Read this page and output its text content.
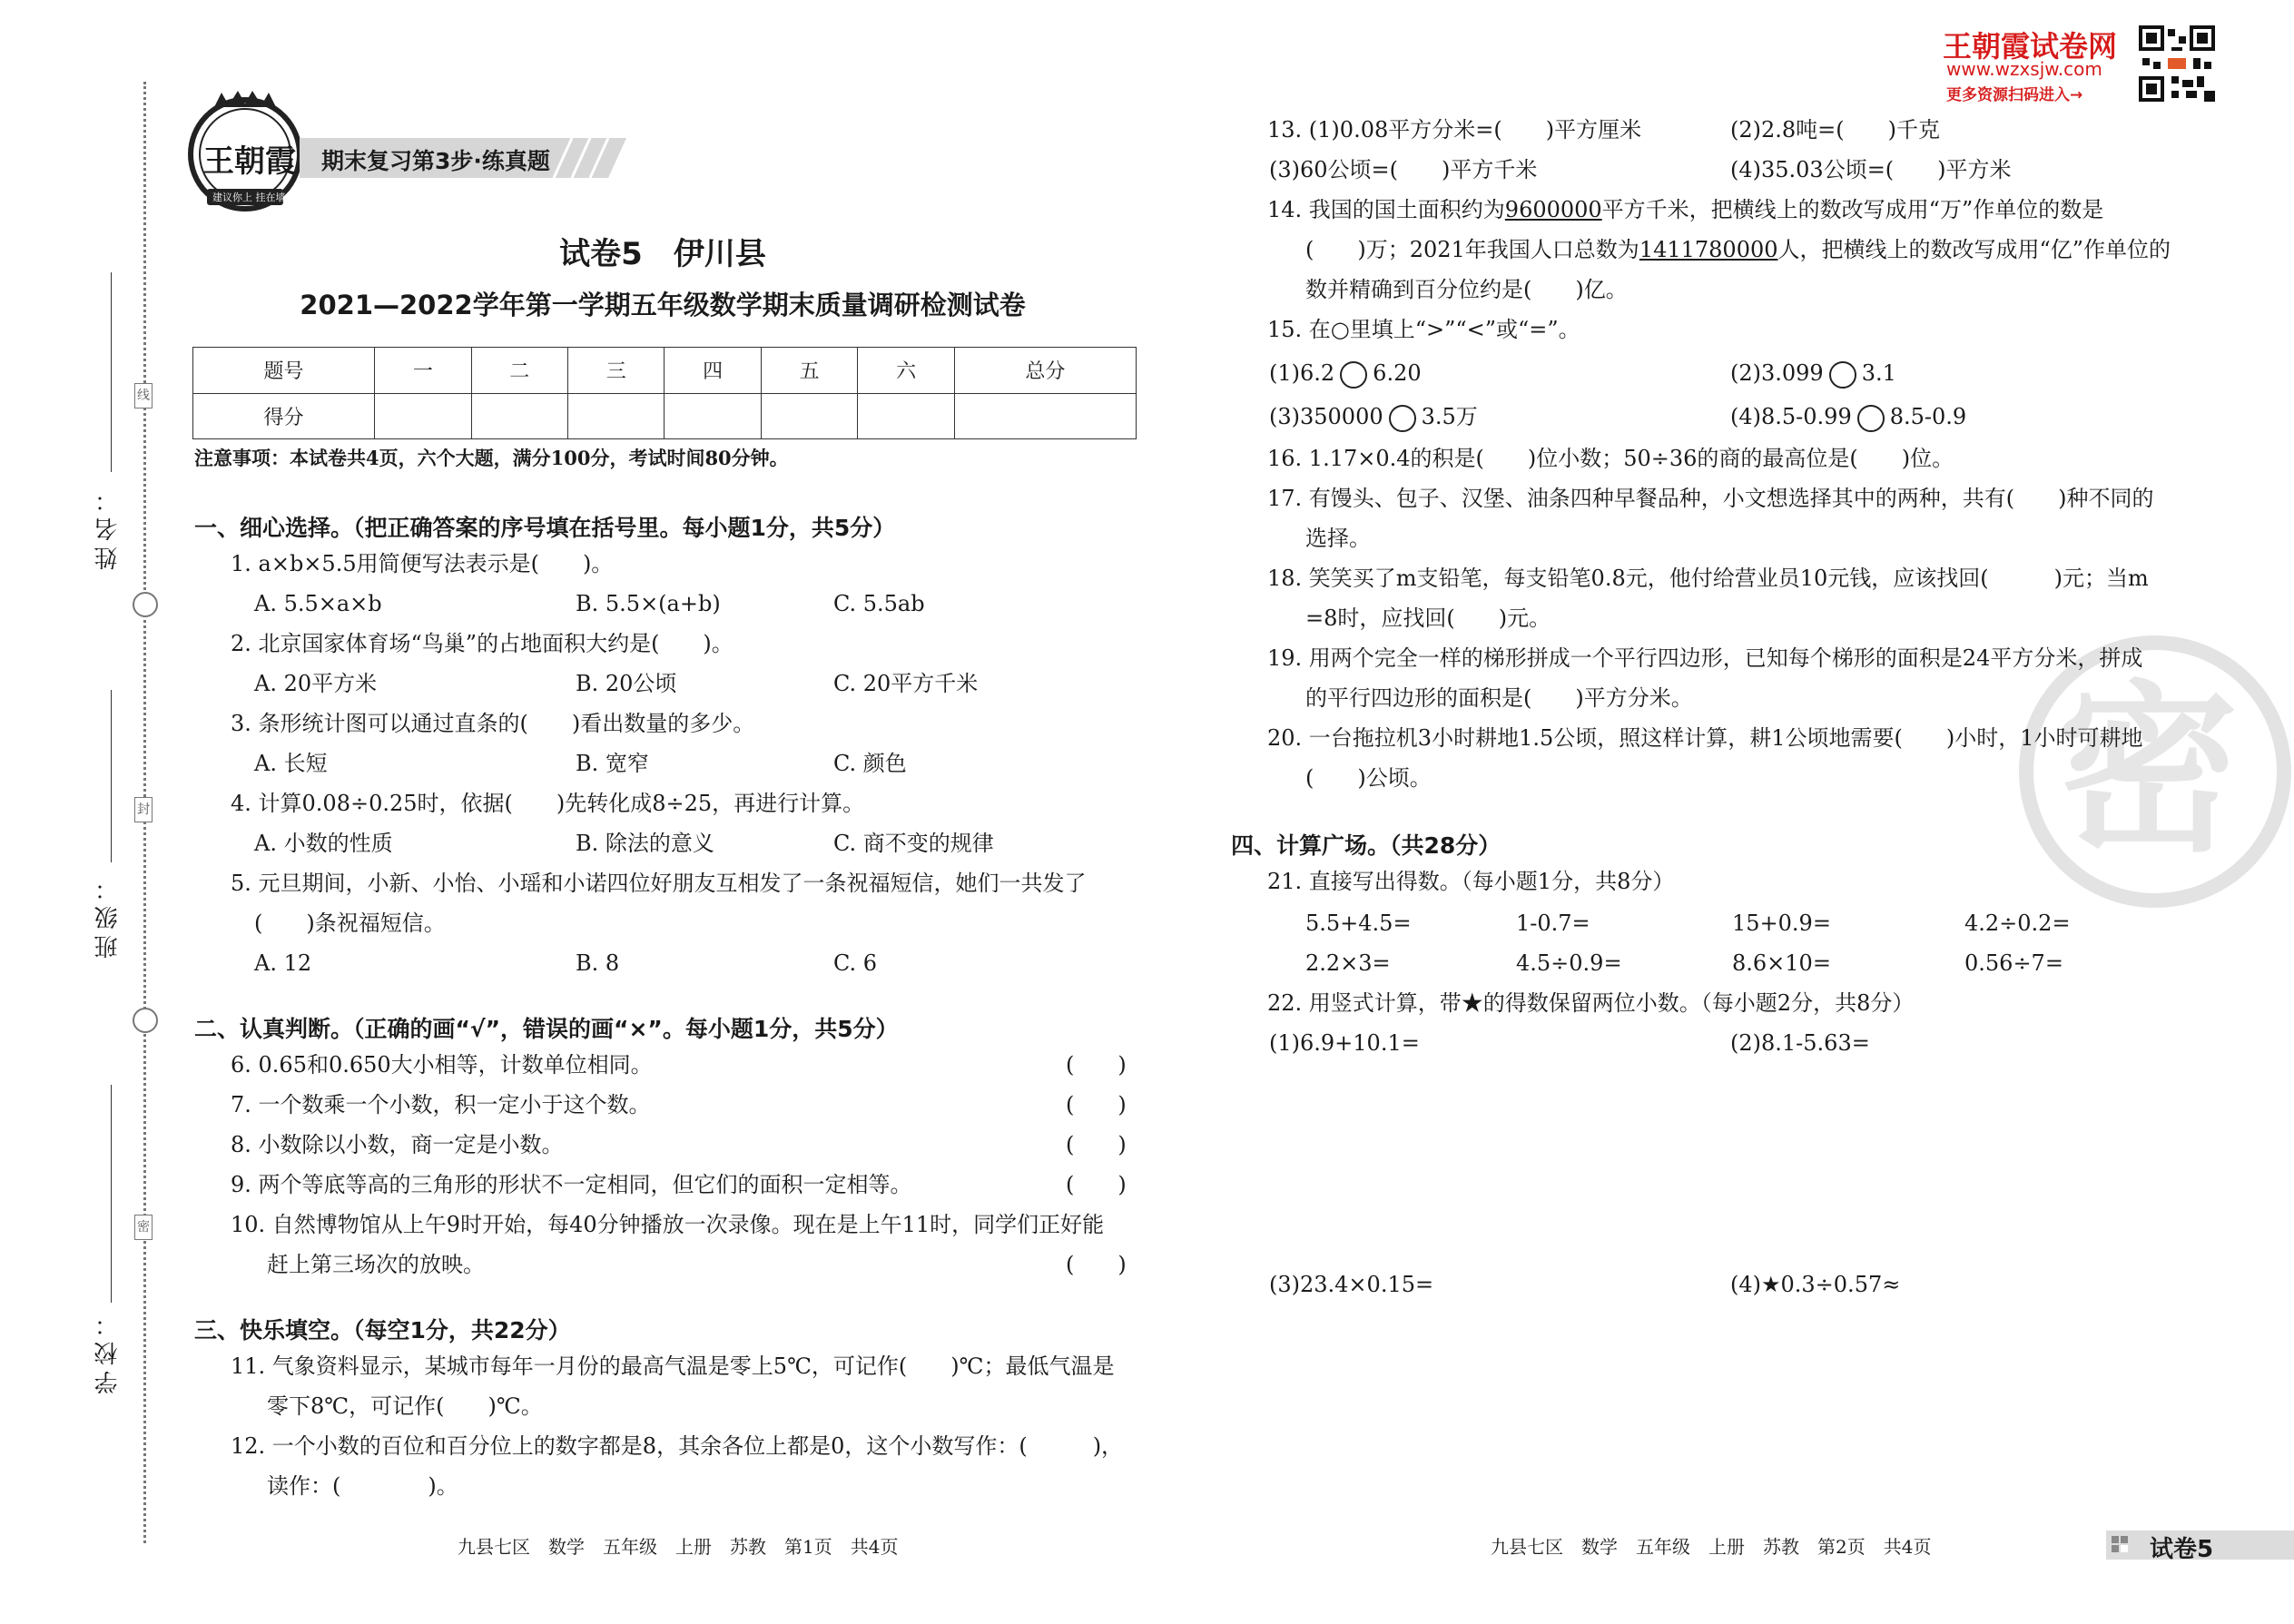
线
封
密
姓名：
班级：
学校：
王朝霞
建议你上 挂在墙文
期末复习第3步·练真题
试卷5　伊川县
2021—2022学年第一学期五年级数学期末质量调研检测试卷
题号	一	二	三	四	五	六	总分
得分							
注意事项：本试卷共4页，六个大题，满分100分，考试时间80分钟。
一、细心选择。（把正确答案的序号填在括号里。每小题1分，共5分）
1. a×b×5.5用简便写法表示是(　　)。
A. 5.5×a×b	B. 5.5×(a+b)	C. 5.5ab
2. 北京国家体育场“鸟巢”的占地面积大约是(　　)。
A. 20平方米	B. 20公顷	C. 20平方千米
3. 条形统计图可以通过直条的(　　)看出数量的多少。
A. 长短	B. 宽窄	C. 颜色
4. 计算0.08÷0.25时，依据(　　)先转化成8÷25，再进行计算。
A. 小数的性质	B. 除法的意义	C. 商不变的规律
5. 元旦期间，小新、小怡、小瑶和小诺四位好朋友互相发了一条祝福短信，她们一共发了
(　　)条祝福短信。
A. 12	B. 8	C. 6
二、认真判断。（正确的画“√”，错误的画“×”。每小题1分，共5分）
6. 0.65和0.650大小相等，计数单位相同。	(　　)
7. 一个数乘一个小数，积一定小于这个数。	(　　)
8. 小数除以小数，商一定是小数。	(　　)
9. 两个等底等高的三角形的形状不一定相同，但它们的面积一定相等。	(　　)
10. 自然博物馆从上午9时开始，每40分钟播放一次录像。现在是上午11时，同学们正好能
赶上第三场次的放映。	(　　)
三、快乐填空。（每空1分，共22分）
11. 气象资料显示，某城市每年一月份的最高气温是零上5℃，可记作(　　)℃；最低气温是
零下8℃，可记作(　　)℃。
12. 一个小数的百位和百分位上的数字都是8，其余各位上都是0，这个小数写作：(　　　)，
读作：(　　　　)。
九县七区　数学　五年级　上册　苏教　第1页　共4页
王朝霞试卷网
www.wzxsjw.com
更多资源扫码进入→
密
13. (1)0.08平方分米=(　　)平方厘米	(2)2.8吨=(　　)千克
(3)60公顷=(　　)平方千米	(4)35.03公顷=(　　)平方米
14. 我国的国土面积约为9600000平方千米，把横线上的数改写成用“万”作单位的数是
(　　)万；2021年我国人口总数为1411780000人，把横线上的数改写成用“亿”作单位的
数并精确到百分位约是(　　)亿。
15. 在○里填上“>”“<”或“=”。
(1)6.2 6.20	(2)3.099 3.1
(3)350000 3.5万	(4)8.5-0.99 8.5-0.9
16. 1.17×0.4的积是(　　)位小数；50÷36的商的最高位是(　　)位。
17. 有馒头、包子、汉堡、油条四种早餐品种，小文想选择其中的两种，共有(　　)种不同的
选择。
18. 笑笑买了m支铅笔，每支铅笔0.8元，他付给营业员10元钱，应该找回(　　　)元；当m
=8时，应找回(　　)元。
19. 用两个完全一样的梯形拼成一个平行四边形，已知每个梯形的面积是24平方分米，拼成
的平行四边形的面积是(　　)平方分米。
20. 一台拖拉机3小时耕地1.5公顷，照这样计算，耕1公顷地需要(　　)小时，1小时可耕地
(　　)公顷。
四、计算广场。（共28分）
21. 直接写出得数。（每小题1分，共8分）
5.5+4.5=	1-0.7=	15+0.9=	4.2÷0.2=
2.2×3=	4.5÷0.9=	8.6×10=	0.56÷7=
22. 用竖式计算，带★的得数保留两位小数。（每小题2分，共8分）
(1)6.9+10.1=	(2)8.1-5.63=
(3)23.4×0.15=	(4)★0.3÷0.57≈
九县七区　数学　五年级　上册　苏教　第2页　共4页	试卷5
